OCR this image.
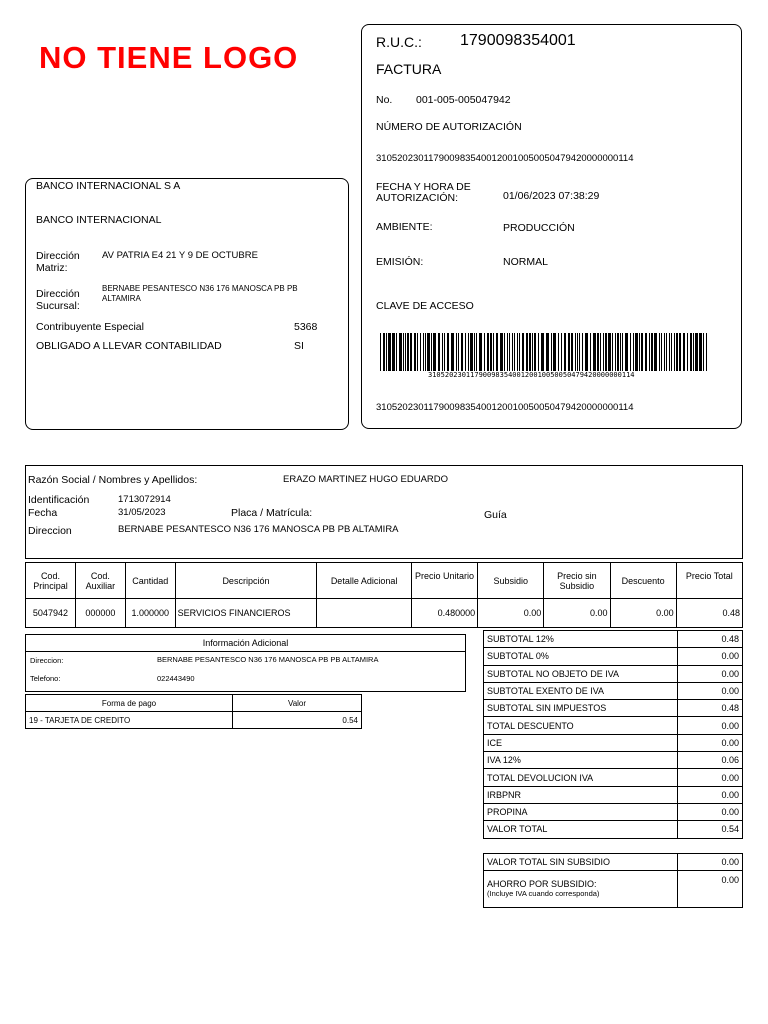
NO TIENE LOGO	R.U.C.: 1790098354001
FACTURA
No. 001-005-005047942
NÚMERO DE AUTORIZACIÓN
3105202301179009835400120010050050479420000000114
FECHA Y HORA DE AUTORIZACIÓN:	01/06/2023 07:38:29
AMBIENTE:	PRODUCCIÓN
EMISIÓN:	NORMAL
CLAVE DE ACCESO
3105202301179009835400120010050050479420000000114
3105202301179009835400120010050050479420000000114
BANCO INTERNACIONAL S A
BANCO INTERNACIONAL
Dirección Matriz:
AV PATRIA E4 21 Y 9 DE OCTUBRE
Dirección Sucursal:
BERNABE PESANTESCO N36 176 MANOSCA PB PB ALTAMIRA
Contribuyente Especial	5368
OBLIGADO A LLEVAR CONTABILIDAD	SI
Razón Social / Nombres y Apellidos:	ERAZO MARTINEZ HUGO EDUARDO
Identificación	1713072914
Fecha	31/05/2023	Placa / Matrícula:	Guía
Direccion	BERNABE PESANTESCO N36 176 MANOSCA PB PB ALTAMIRA
Cod. Principal	Cod. Auxiliar	Cantidad	Descripción	Detalle Adicional	Precio Unitario	Subsidio	Precio sin Subsidio	Descuento	Precio Total
5047942	000000	1.000000	SERVICIOS FINANCIEROS		0.480000	0.00	0.00	0.00	0.48
Información Adicional
Direccion:	BERNABE PESANTESCO N36 176 MANOSCA PB PB ALTAMIRA
Telefono:	022443490
Forma de pago	Valor
19 - TARJETA DE CREDITO	0.54
SUBTOTAL 12%	0.48
SUBTOTAL 0%	0.00
SUBTOTAL NO OBJETO DE IVA	0.00
SUBTOTAL EXENTO DE IVA	0.00
SUBTOTAL SIN IMPUESTOS	0.48
TOTAL DESCUENTO	0.00
ICE	0.00
IVA 12%	0.06
TOTAL DEVOLUCION IVA	0.00
IRBPNR	0.00
PROPINA	0.00
VALOR TOTAL	0.54
VALOR TOTAL SIN SUBSIDIO	0.00

AHORRO POR SUBSIDIO:
(Incluye IVA cuando corresponda)	0.00
